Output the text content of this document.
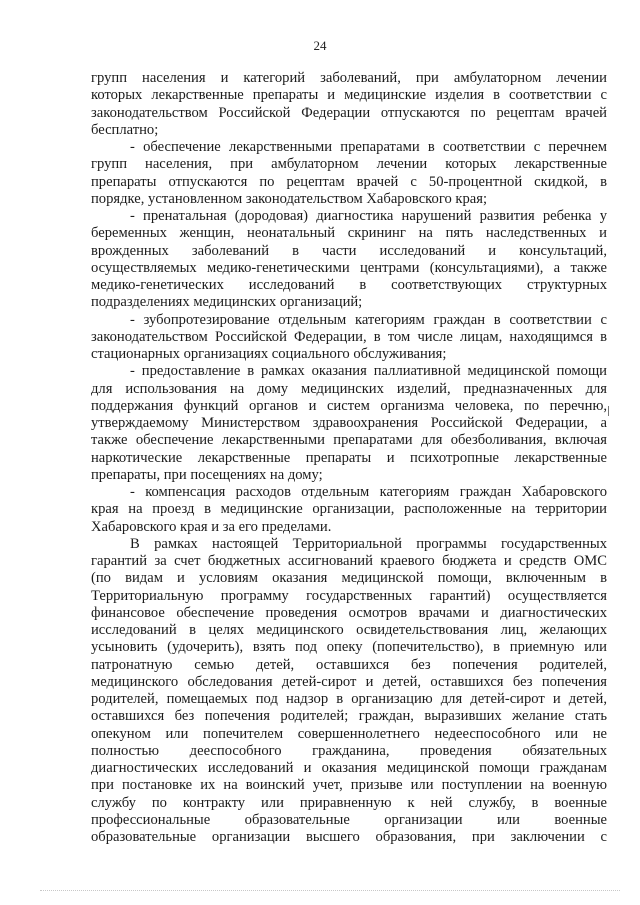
24
групп населения и категорий заболеваний, при амбулаторном лечении
которых лекарственные препараты и медицинские изделия в соответствии с
законодательством Российской Федерации отпускаются по рецептам врачей
бесплатно;
- обеспечение лекарственными препаратами в соответствии с перечнем
групп населения, при амбулаторном лечении которых лекарственные
препараты отпускаются по рецептам врачей с 50-процентной скидкой, в
порядке, установленном законодательством Хабаровского края;
- пренатальная (дородовая) диагностика нарушений развития ребенка у
беременных женщин, неонатальный скрининг на пять наследственных и
врожденных заболеваний в части исследований и консультаций,
осуществляемых медико-генетическими центрами (консультациями), а также
медико-генетических исследований в соответствующих структурных
подразделениях медицинских организаций;
- зубопротезирование отдельным категориям граждан в соответствии с
законодательством Российской Федерации, в том числе лицам, находящимся в
стационарных организациях социального обслуживания;
- предоставление в рамках оказания паллиативной медицинской помощи
для использования на дому медицинских изделий, предназначенных для
поддержания функций органов и систем организма человека, по перечню,
утверждаемому Министерством здравоохранения Российской Федерации, а
также обеспечение лекарственными препаратами для обезболивания, включая
наркотические лекарственные препараты и психотропные лекарственные
препараты, при посещениях на дому;
- компенсация расходов отдельным категориям граждан Хабаровского
края на проезд в медицинские организации, расположенные на территории
Хабаровского края и за его пределами.
В рамках настоящей Территориальной программы государственных
гарантий за счет бюджетных ассигнований краевого бюджета и средств ОМС
(по видам и условиям оказания медицинской помощи, включенным в
Территориальную программу государственных гарантий) осуществляется
финансовое обеспечение проведения осмотров врачами и диагностических
исследований в целях медицинского освидетельствования лиц, желающих
усыновить (удочерить), взять под опеку (попечительство), в приемную или
патронатную семью детей, оставшихся без попечения родителей,
медицинского обследования детей-сирот и детей, оставшихся без попечения
родителей, помещаемых под надзор в организацию для детей-сирот и детей,
оставшихся без попечения родителей; граждан, выразивших желание стать
опекуном или попечителем совершеннолетнего недееспособного или не
полностью дееспособного гражданина, проведения обязательных
диагностических исследований и оказания медицинской помощи гражданам
при постановке их на воинский учет, призыве или поступлении на военную
службу по контракту или приравненную к ней службу, в военные
профессиональные образовательные организации или военные
образовательные организации высшего образования, при заключении с
